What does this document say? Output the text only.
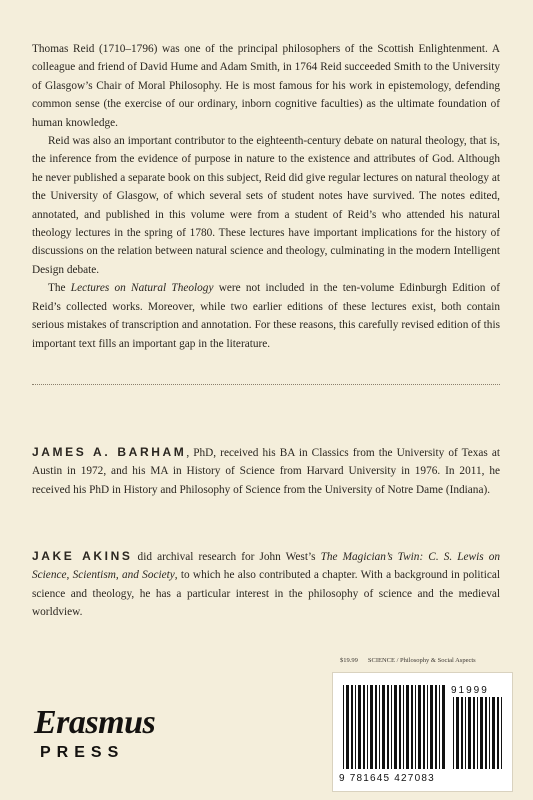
Thomas Reid (1710–1796) was one of the principal philosophers of the Scottish Enlightenment. A colleague and friend of David Hume and Adam Smith, in 1764 Reid succeeded Smith to the University of Glasgow’s Chair of Moral Philosophy. He is most famous for his work in epistemology, defending common sense (the exercise of our ordinary, inborn cognitive faculties) as the ultimate foundation of human knowledge.

Reid was also an important contributor to the eighteenth-century debate on natural theology, that is, the inference from the evidence of purpose in nature to the existence and attributes of God. Although he never published a separate book on this subject, Reid did give regular lectures on natural theology at the University of Glasgow, of which several sets of student notes have survived. The notes edited, annotated, and published in this volume were from a student of Reid’s who attended his natural theology lectures in the spring of 1780. These lectures have important implications for the history of discussions on the relation between natural science and theology, culminating in the modern Intelligent Design debate.

The Lectures on Natural Theology were not included in the ten-volume Edinburgh Edition of Reid’s collected works. Moreover, while two earlier editions of these lectures exist, both contain serious mistakes of transcription and annotation. For these reasons, this carefully revised edition of this important text fills an important gap in the literature.

JAMES A. BARHAM, PhD, received his BA in Classics from the University of Texas at Austin in 1972, and his MA in History of Science from Harvard University in 1976. In 2011, he received his PhD in History and Philosophy of Science from the University of Notre Dame (Indiana).

JAKE AKINS did archival research for John West’s The Magician’s Twin: C. S. Lewis on Science, Scientism, and Society, to which he also contributed a chapter. With a background in political science and theology, he has a particular interest in the philosophy of science and the medieval worldview.

$19.99 SCIENCE / Philosophy & Social Aspects
91999
9 781645 427083
Erasmus
PRESS
